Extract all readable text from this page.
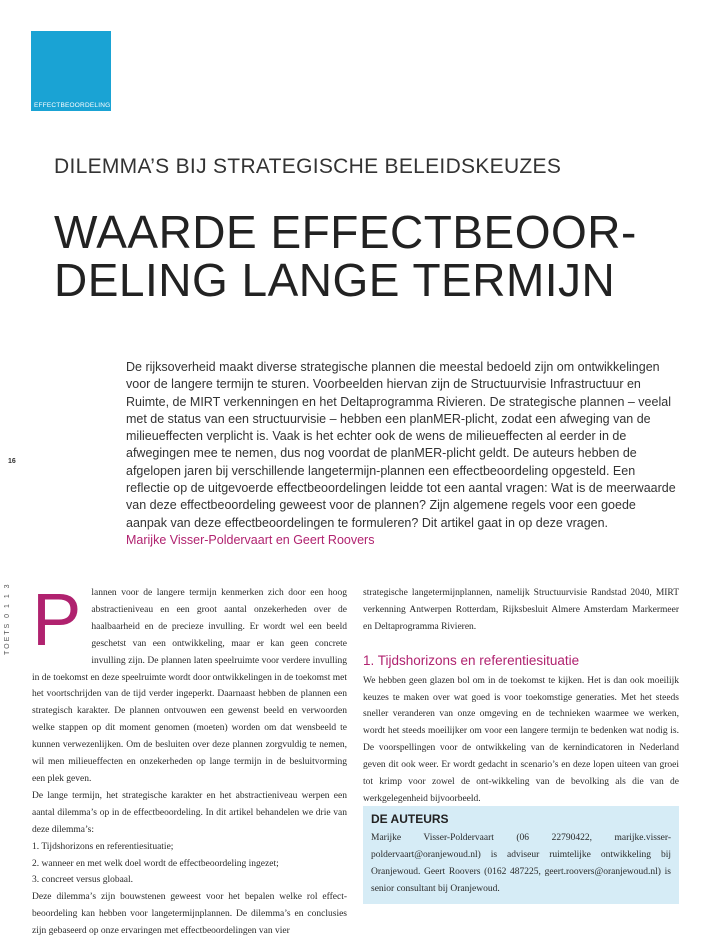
EFFECTBEOORDELING
DILEMMA’S BIJ STRATEGISCHE BELEIDSKEUZES
WAARDE EFFECTBEOOR-
DELING LANGE TERMIJN
De rijksoverheid maakt diverse strategische plannen die meestal bedoeld zijn om ontwikkelingen voor de langere termijn te sturen. Voorbeelden hiervan zijn de Structuurvisie Infrastructuur en Ruimte, de MIRT verkenningen en het Deltaprogramma Rivieren. De strategische plannen – veelal met de status van een structuurvisie – hebben een planMER-plicht, zodat een afweging van de milieueffecten verplicht is. Vaak is het echter ook de wens de milieueffecten al eerder in de afwegingen mee te nemen, dus nog voordat de planMER-plicht geldt. De auteurs hebben de afgelopen jaren bij verschillende langetermijn-plannen een effectbeoordeling opgesteld. Een reflectie op de uitgevoerde effectbeoordelingen leidde tot een aantal vragen: Wat is de meerwaarde van deze effectbeoordeling geweest voor de plannen? Zijn algemene regels voor een goede aanpak van deze effectbeoordelingen te formuleren? Dit artikel gaat in op deze vragen.
Marijke Visser-Poldervaart en Geert Roovers
16
TOETS 0 1 1 3 P	lannen voor de langere termijn kenmerken zich door een hoog abstractieniveau en een groot aantal onzekerheden over de haalbaarheid en de precieze invulling. Er wordt wel een beeld geschetst van een ontwikkeling, maar er kan geen concrete invulling zijn. De plannen laten speelruimte voor verdere invulling in de toekomst en deze speelruimte wordt door ontwikkelingen in de toekomst met het voortschrijden van de tijd verder ingeperkt. Daarnaast hebben de plannen een strategisch karakter. De plannen ontvouwen een gewenst beeld en verwoorden welke stappen op dit moment genomen (moeten) worden om dat wensbeeld te kunnen verwezenlijken. Om de besluiten over deze plannen zorgvuldig te nemen, wil men milieueffecten en onzekerheden op lange termijn in de besluitvorming een plek geven.

De lange termijn, het strategische karakter en het abstractieniveau werpen een aantal dilemma’s op in de effectbeoordeling. In dit artikel behandelen we drie van deze dilemma’s:

1. Tijdshorizons en referentiesituatie;

2. wanneer en met welk doel wordt de effectbeoordeling ingezet;

3. concreet versus globaal.

Deze dilemma’s zijn bouwstenen geweest voor het bepalen welke rol effect-beoordeling kan hebben voor langetermijnplannen. De dilemma’s en conclusies zijn gebaseerd op onze ervaringen met effectbeoordelingen van vier

strategische langetermijnplannen, namelijk Structuurvisie Randstad 2040, MIRT verkenning Antwerpen Rotterdam, Rijksbesluit Almere Amsterdam Markermeer en Deltaprogramma Rivieren.

1. Tijdshorizons en referentiesituatie

We hebben geen glazen bol om in de toekomst te kijken. Het is dan ook moeilijk keuzes te maken over wat goed is voor toekomstige generaties. Met het steeds sneller veranderen van onze omgeving en de technieken waarmee we werken, wordt het steeds moeilijker om voor een langere termijn te bedenken wat nodig is. De voorspellingen voor de ontwikkeling van de kernindicatoren in Nederland geven dit ook weer. Er wordt gedacht in scenario’s en deze lopen uiteen van groei tot krimp voor zowel de ont-wikkeling van de bevolking als die van de werkgelegenheid bijvoorbeeld.

DE AUTEURS
Marijke Visser-Poldervaart (06 22790422, marijke.visser-poldervaart@oranjewoud.nl) is adviseur ruimtelijke ontwikkeling bij Oranjewoud. Geert Roovers (0162 487225, geert.roovers@oranjewoud.nl) is senior consultant bij Oranjewoud.
